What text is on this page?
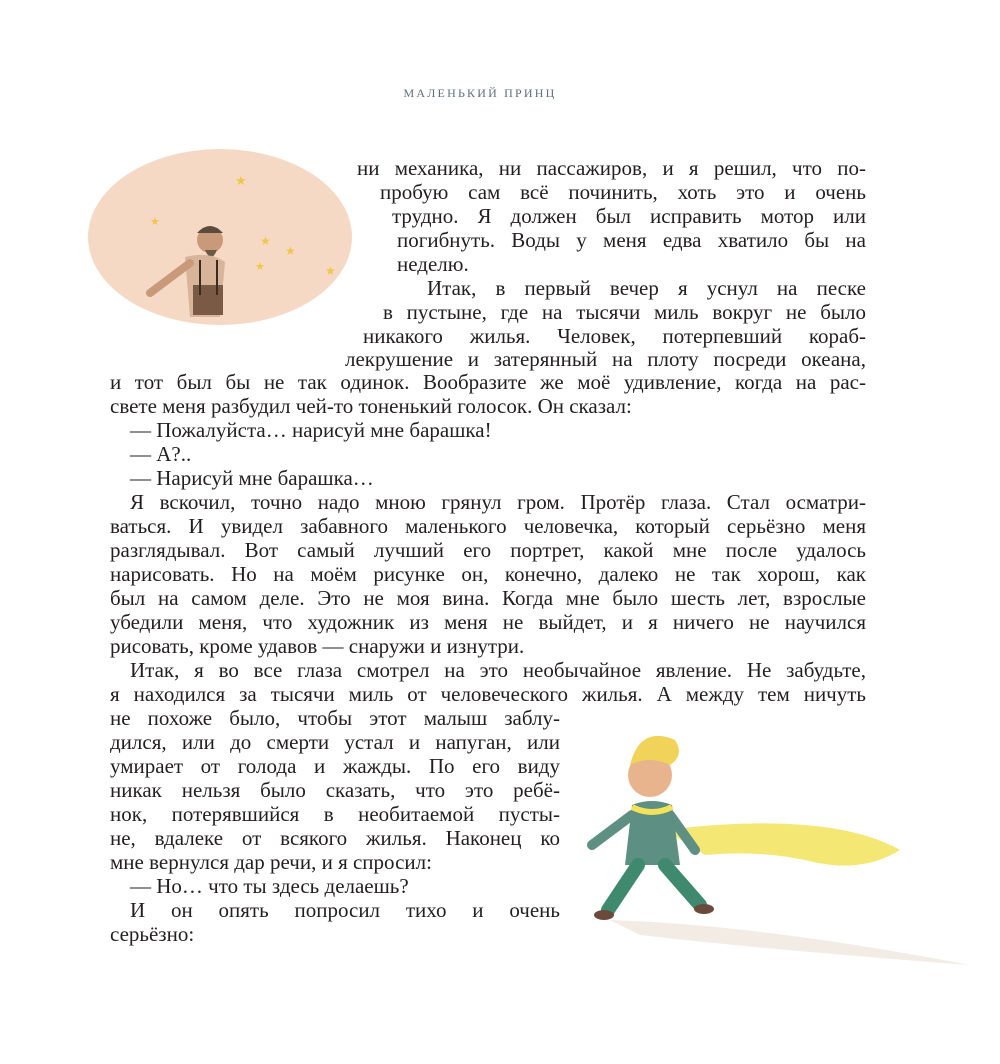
МАЛЕНЬКИЙ ПРИНЦ
★
★
★
★
★	★
ни механика, ни пассажиров, и я решил, что по-
пробую сам всё починить, хоть это и очень
трудно. Я должен был исправить мотор или
погибнуть. Воды у меня едва хватило бы на
неделю.
Итак, в первый вечер я уснул на песке
в пустыне, где на тысячи миль вокруг не было
никакого жилья. Человек, потерпевший кораб-
лекрушение и затерянный на плоту посреди океана,
и тот был бы не так одинок. Вообразите же моё удивление, когда на рас-
свете меня разбудил чей-то тоненький голосок. Он сказал:
— Пожалуйста… нарисуй мне барашка!
— А?..
— Нарисуй мне барашка…
Я вскочил, точно надо мною грянул гром. Протёр глаза. Стал осматри-
ваться. И увидел забавного маленького человечка, который серьёзно меня
разглядывал. Вот самый лучший его портрет, какой мне после удалось
нарисовать. Но на моём рисунке он, конечно, далеко не так хорош, как
был на самом деле. Это не моя вина. Когда мне было шесть лет, взрослые
убедили меня, что художник из меня не выйдет, и я ничего не научился
рисовать, кроме удавов — снаружи и изнутри.
Итак, я во все глаза смотрел на это необычайное явление. Не забудьте,
я находился за тысячи миль от человеческого жилья. А между тем ничуть
не похоже было, чтобы этот малыш заблу-
дился, или до смерти устал и напуган, или
умирает от голода и жажды. По его виду
никак нельзя было сказать, что это ребё-
нок, потерявшийся в необитаемой пусты-
не, вдалеке от всякого жилья. Наконец ко
мне вернулся дар речи, и я спросил:
— Но… что ты здесь делаешь?
И он опять попросил тихо и очень
серьёзно:
